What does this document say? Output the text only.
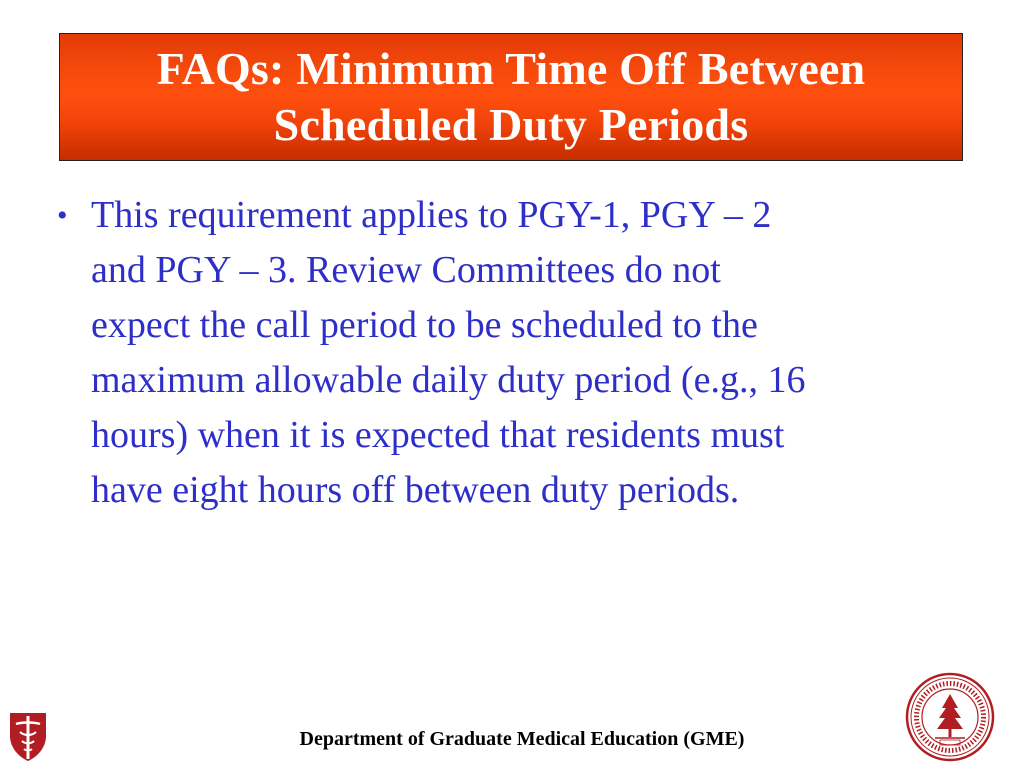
FAQs: Minimum Time Off Between
Scheduled Duty Periods
• This requirement applies to PGY-1, PGY – 2
and PGY – 3. Review Committees do not
expect the call period to be scheduled to the
maximum allowable daily duty period (e.g., 16
hours) when it is expected that residents must
have eight hours off between duty periods.
Department of Graduate Medical Education (GME)
